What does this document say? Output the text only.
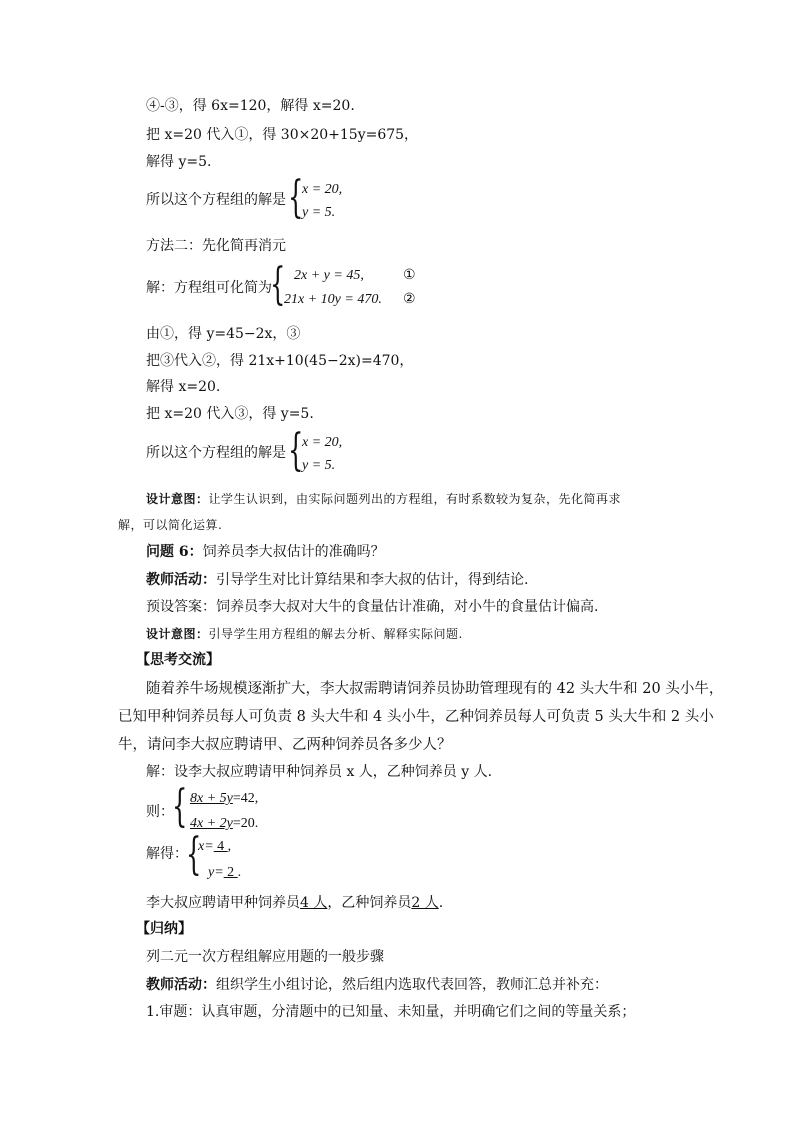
④-③，得 6x=120，解得 x=20.
把 x=20 代入①，得 30×20+15y=675，
解得 y=5.
所以这个方程组的解是 {
x = 20,
y = 5.
方法二：先化简再消元
解：方程组可化简为
{ 2x + y = 45,	①
21x + 10y = 470. ②
由①，得 y=45−2x，③
把③代入②，得 21x+10(45−2x)=470，
解得 x=20.
把 x=20 代入③，得 y=5.
所以这个方程组的解是 {
x = 20,
y = 5.
设计意图：让学生认识到，由实际问题列出的方程组，有时系数较为复杂，先化简再求
解，可以简化运算.
问题 6：饲养员李大叔估计的准确吗？
教师活动：引导学生对比计算结果和李大叔的估计，得到结论.
预设答案：饲养员李大叔对大牛的食量估计准确，对小牛的食量估计偏高.
设计意图：引导学生用方程组的解去分析、解释实际问题.
【思考交流】
随着养牛场规模逐渐扩大，李大叔需聘请饲养员协助管理现有的 42 头大牛和 20 头小牛，
已知甲种饲养员每人可负责 8 头大牛和 4 头小牛，乙种饲养员每人可负责 5 头大牛和 2 头小
牛，请问李大叔应聘请甲、乙两种饲养员各多少人？
解：设李大叔应聘请甲种饲养员 x 人，乙种饲养员 y 人.
则：
{ 8x + 5y=42,
4x + 2y=20.
解得：
{
x= 4 ,
y= 2 .
李大叔应聘请甲种饲养员4 人，乙种饲养员2 人.
【归纳】
列二元一次方程组解应用题的一般步骤
教师活动：组织学生小组讨论，然后组内选取代表回答，教师汇总并补充：
1.审题：认真审题，分清题中的已知量、未知量，并明确它们之间的等量关系；
